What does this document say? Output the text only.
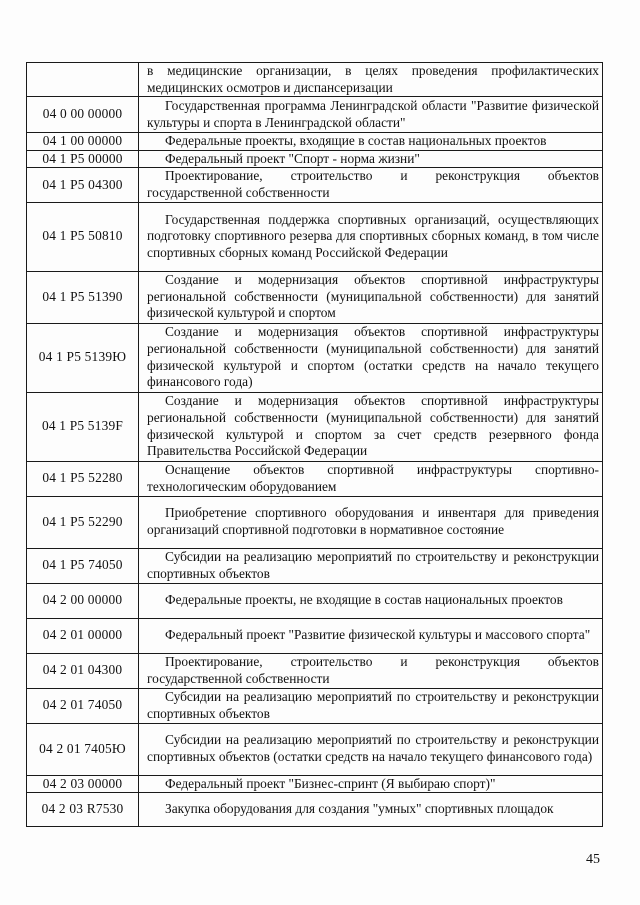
	в медицинские организации, в целях проведения профилактических медицинских осмотров и диспансеризации

04 0 00 00000	Государственная программа Ленинградской области "Развитие физической культуры и спорта в Ленинградской области"

04 1 00 00000	Федеральные проекты, входящие в состав национальных проектов

04 1 P5 00000	Федеральный проект "Спорт - норма жизни"

04 1 P5 04300	Проектирование, строительство и реконструкция объектов государственной собственности

04 1 P5 50810	Государственная поддержка спортивных организаций, осуществляющих подготовку спортивного резерва для спортивных сборных команд, в том числе спортивных сборных команд Российской Федерации

04 1 P5 51390	Создание и модернизация объектов спортивной инфраструктуры региональной собственности (муниципальной собственности) для занятий физической культурой и спортом

04 1 P5 5139Ю	Создание и модернизация объектов спортивной инфраструктуры региональной собственности (муниципальной собственности) для занятий физической культурой и спортом (остатки средств на начало текущего финансового года)

04 1 P5 5139F	Создание и модернизация объектов спортивной инфраструктуры региональной собственности (муниципальной собственности) для занятий физической культурой и спортом за счет средств резервного фонда Правительства Российской Федерации

04 1 P5 52280	Оснащение объектов спортивной инфраструктуры спортивно-технологическим оборудованием

04 1 P5 52290	Приобретение спортивного оборудования и инвентаря для приведения организаций спортивной подготовки в нормативное состояние

04 1 P5 74050	Субсидии на реализацию мероприятий по строительству и реконструкции спортивных объектов

04 2 00 00000	Федеральные проекты, не входящие в состав национальных проектов

04 2 01 00000	Федеральный проект "Развитие физической культуры и массового спорта"

04 2 01 04300	Проектирование, строительство и реконструкция объектов государственной собственности

04 2 01 74050	Субсидии на реализацию мероприятий по строительству и реконструкции спортивных объектов

04 2 01 7405Ю	Субсидии на реализацию мероприятий по строительству и реконструкции спортивных объектов (остатки средств на начало текущего финансового года)

04 2 03 00000	Федеральный проект "Бизнес-спринт (Я выбираю спорт)"

04 2 03 R7530	Закупка оборудования для создания "умных" спортивных площадок
45
